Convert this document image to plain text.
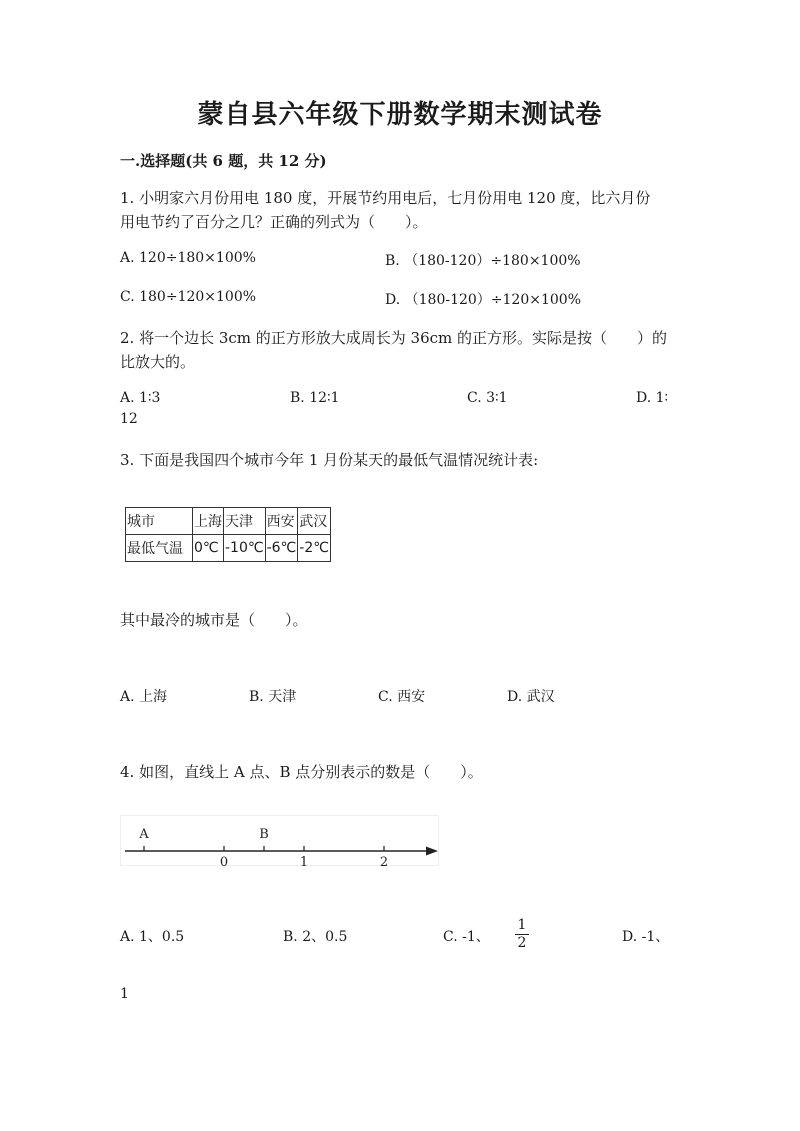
蒙自县六年级下册数学期末测试卷
一.选择题(共 6 题，共 12 分)
1. 小明家六月份用电 180 度，开展节约用电后，七月份用电 120 度，比六月份
用电节约了百分之几？正确的列式为（　　）。
A. 120÷180×100%	B. （180-120）÷180×100%
C. 180÷120×100%	D. （180-120）÷120×100%
2. 将一个边长 3cm 的正方形放大成周长为 36cm 的正方形。实际是按（　　）的
比放大的。
A. 1∶3	B. 12∶1	C. 3∶1	D. 1∶
12
3. 下面是我国四个城市今年 1 月份某天的最低气温情况统计表:
城市	上海	天津	西安	武汉
最低气温	0℃	-10℃	-6℃	-2℃
其中最冷的城市是（　　）。
A. 上海	B. 天津	C. 西安	D. 武汉
4. 如图，直线上 A 点、B 点分别表示的数是（　　）。
0	1	2
A	B
A. 1、0.5	B. 2、0.5	C. -1、
1
2	D. -1、
1
